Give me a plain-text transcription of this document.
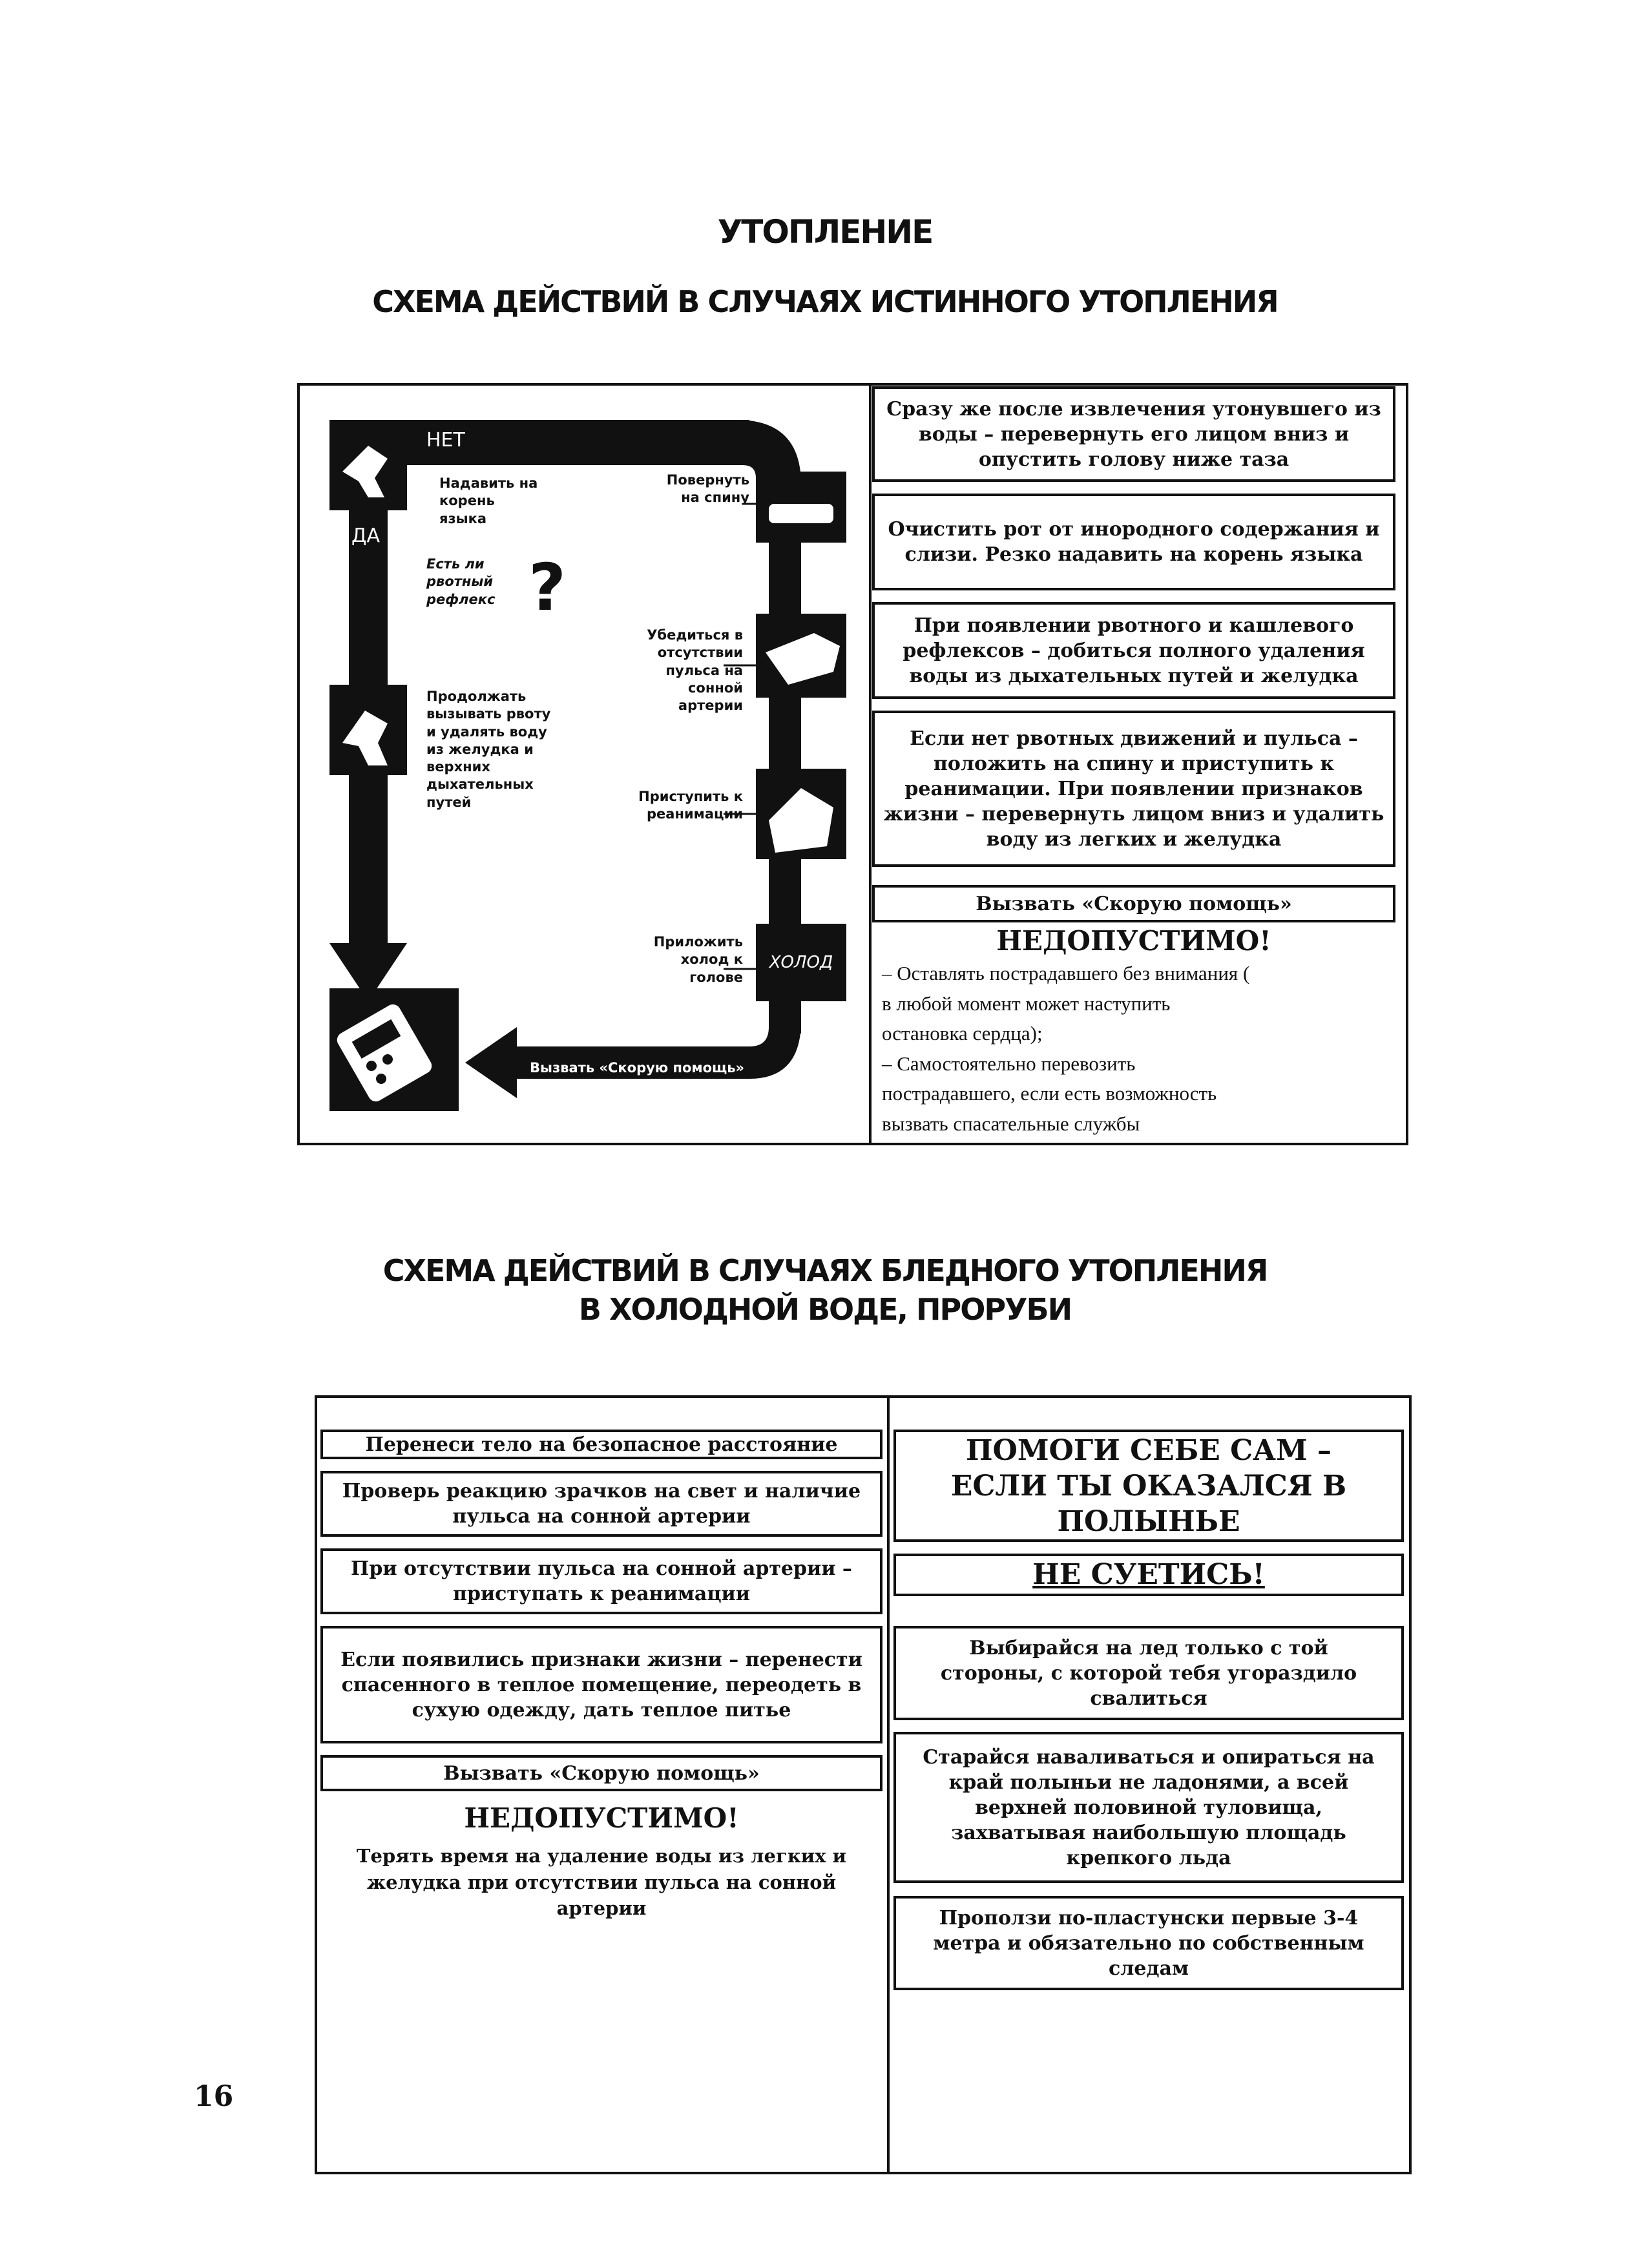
УТОПЛЕНИЕ
СХЕМА ДЕЙСТВИЙ В СЛУЧАЯХ ИСТИННОГО УТОПЛЕНИЯ
НЕТ
ДА
Надавить на корень языка
Есть ли рвотный рефлекс ?
Продолжать вызывать рвоту и удалять воду из желудка и верхних дыхательных путей
Повернуть на спину
Убедиться в отсутствии пульса на сонной артерии
Приступить к реанимации
Приложить холод к голове
ХОЛОД
Вызвать «Скорую помощь»
Сразу же после извлечения утонувшего из воды – перевернуть его лицом вниз и опустить голову ниже таза
Очистить рот от инородного содержания и слизи. Резко надавить на корень языка
При появлении рвотного и кашлевого рефлексов – добиться полного удаления воды из дыхательных путей и желудка
Если нет рвотных движений и пульса – положить на спину и приступить к реанимации. При появлении признаков жизни – перевернуть лицом вниз и удалить воду из легких и желудка
Вызвать «Скорую помощь»
НЕДОПУСТИМО!
– Оставлять пострадавшего без внимания (
в любой момент может наступить
остановка сердца);
– Самостоятельно перевозить
пострадавшего, если есть возможность
вызвать спасательные службы
СХЕМА ДЕЙСТВИЙ В СЛУЧАЯХ БЛЕДНОГО УТОПЛЕНИЯ
В ХОЛОДНОЙ ВОДЕ, ПРОРУБИ
Перенеси тело на безопасное расстояние
Проверь реакцию зрачков на свет и наличие пульса на сонной артерии
При отсутствии пульса на сонной артерии – приступать к реанимации
Если появились признаки жизни – перенести спасенного в теплое помещение, переодеть в сухую одежду, дать теплое питье
Вызвать «Скорую помощь»
НЕДОПУСТИМО!
Терять время на удаление воды из легких и желудка при отсутствии пульса на сонной артерии
ПОМОГИ СЕБЕ САМ – ЕСЛИ ТЫ ОКАЗАЛСЯ В ПОЛЫНЬЕ
НЕ СУЕТИСЬ!
Выбирайся на лед только с той стороны, с которой тебя угораздило свалиться
Старайся наваливаться и опираться на край полыньи не ладонями, а всей верхней половиной туловища, захватывая наибольшую площадь крепкого льда
Проползи по-пластунски первые 3-4 метра и обязательно по собственным следам
16
